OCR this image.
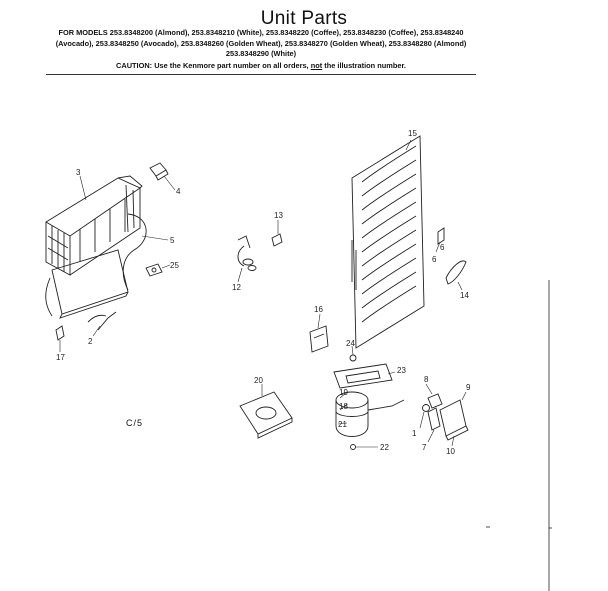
Unit Parts
FOR MODELS 253.8348200 (Almond), 253.8348210 (White), 253.8348220 (Coffee), 253.8348230 (Coffee), 253.8348240 (Avocado), 253.8348250 (Avocado), 253.8348260 (Golden Wheat), 253.8348270 (Golden Wheat), 253.8348280 (Almond) 253.8348290 (White)
CAUTION: Use the Kenmore part number on all orders, not the illustration number.
3
4
5
25
2
17
12
13
16
15
6
14
24
23
20
19
18
21
22
8
9
1
7 10
6
C/5
